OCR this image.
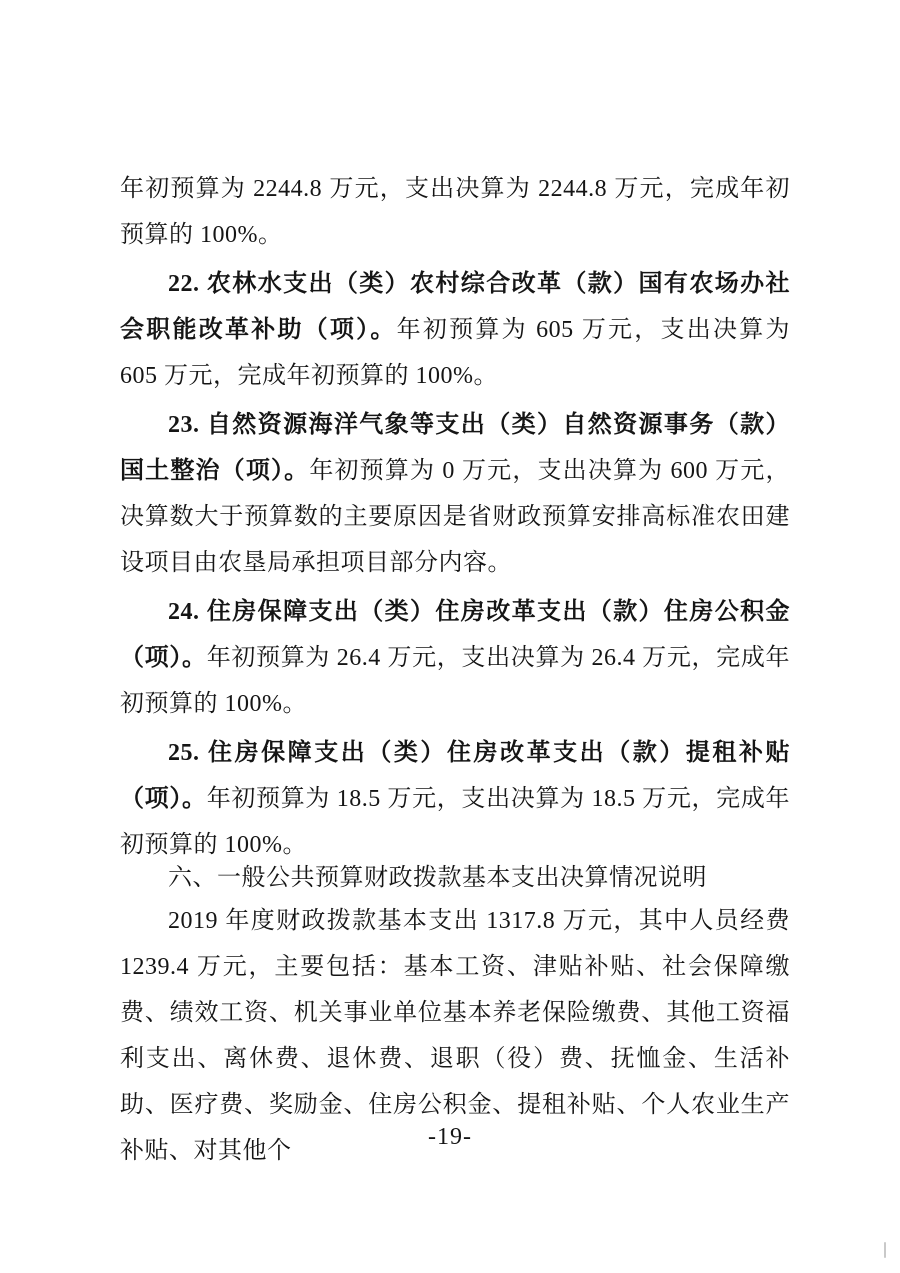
年初预算为 2244.8 万元，支出决算为 2244.8 万元，完成年初预算的 100%。

22. 农林水支出（类）农村综合改革（款）国有农场办社会职能改革补助（项）。年初预算为 605 万元，支出决算为 605 万元，完成年初预算的 100%。

23. 自然资源海洋气象等支出（类）自然资源事务（款）国土整治（项）。年初预算为 0 万元，支出决算为 600 万元，决算数大于预算数的主要原因是省财政预算安排高标准农田建设项目由农垦局承担项目部分内容。

24. 住房保障支出（类）住房改革支出（款）住房公积金（项）。年初预算为 26.4 万元，支出决算为 26.4 万元，完成年初预算的 100%。

25. 住房保障支出（类）住房改革支出（款）提租补贴（项）。年初预算为 18.5 万元，支出决算为 18.5 万元，完成年初预算的 100%。

六、一般公共预算财政拨款基本支出决算情况说明

2019 年度财政拨款基本支出 1317.8 万元，其中人员经费 1239.4 万元，主要包括：基本工资、津贴补贴、社会保障缴费、绩效工资、机关事业单位基本养老保险缴费、其他工资福利支出、离休费、退休费、退职（役）费、抚恤金、生活补助、医疗费、奖励金、住房公积金、提租补贴、个人农业生产补贴、对其他个

-19-
